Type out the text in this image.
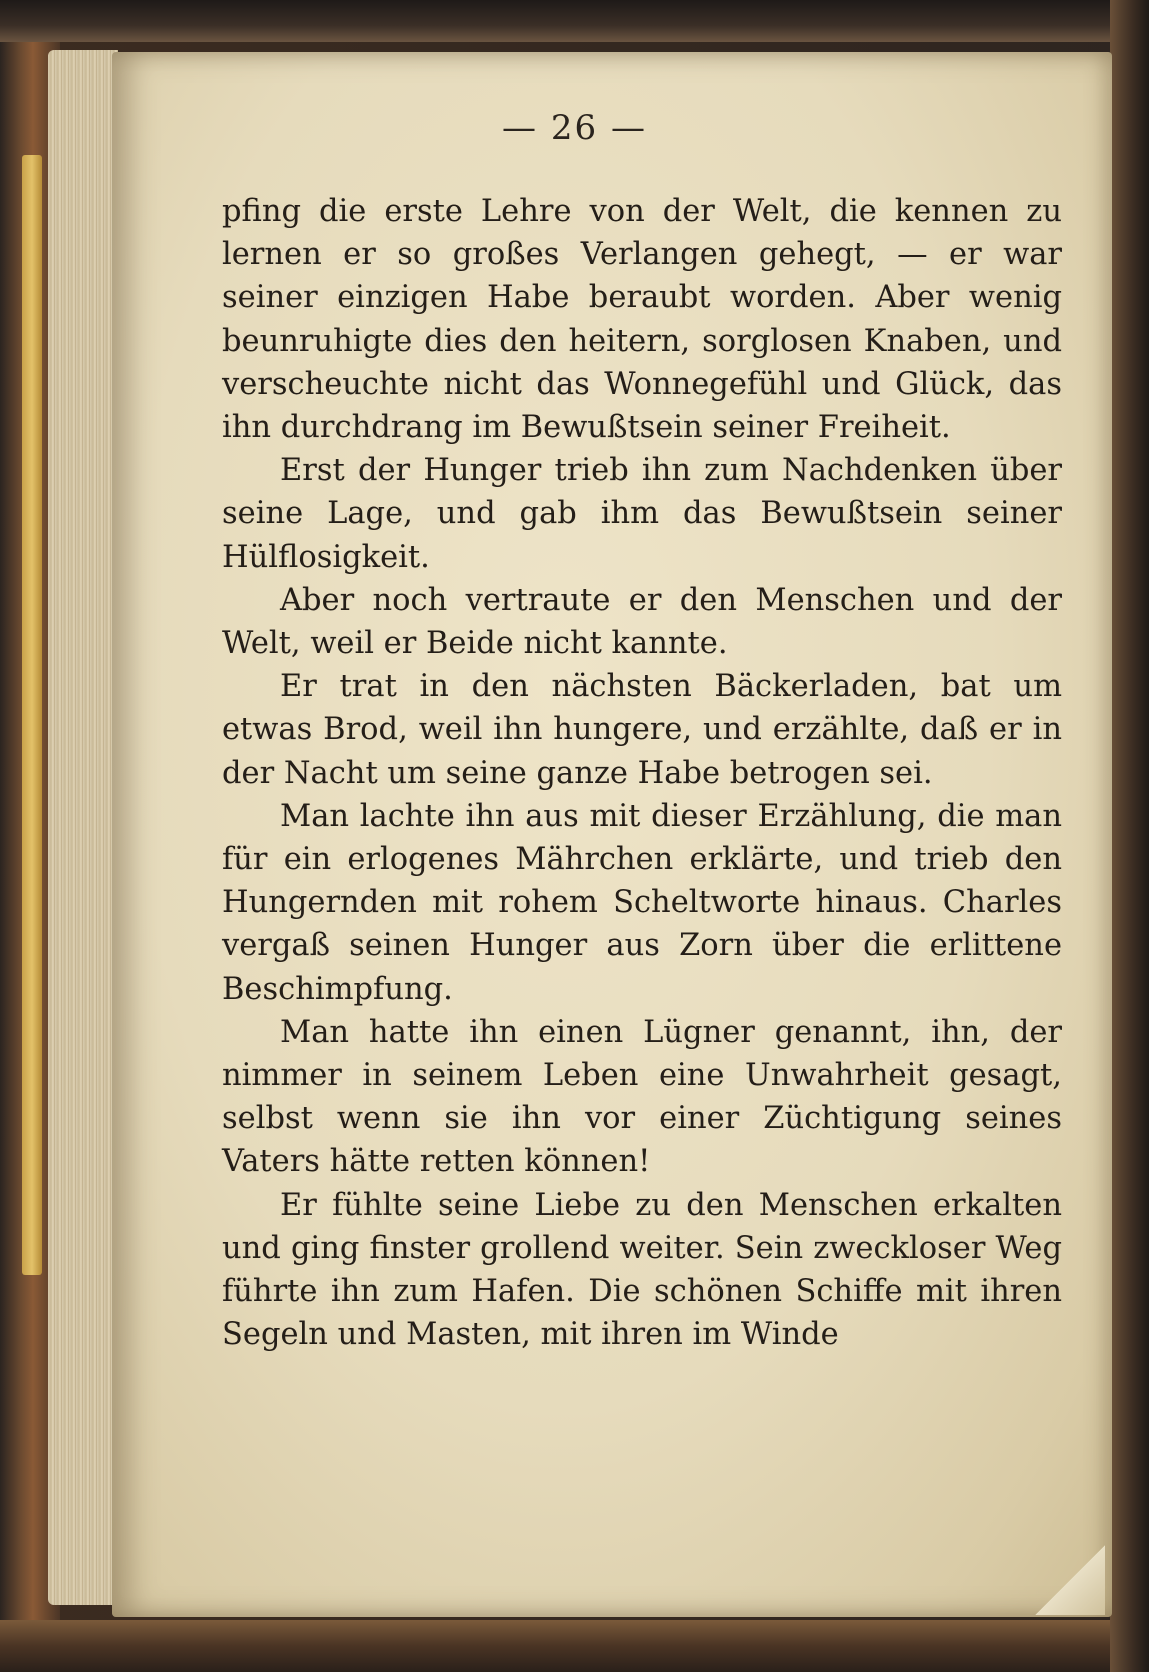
— 26 —

pfing die erste Lehre von der Welt, die kennen zu lernen er so großes Verlangen gehegt, — er war seiner einzigen Habe beraubt worden. Aber wenig beunruhigte dies den heitern, sorglosen Knaben, und verscheuchte nicht das Wonnegefühl und Glück, das ihn durchdrang im Bewußtsein seiner Freiheit.

Erst der Hunger trieb ihn zum Nachdenken über seine Lage, und gab ihm das Bewußtsein seiner Hülflosigkeit.

Aber noch vertraute er den Menschen und der Welt, weil er Beide nicht kannte.

Er trat in den nächsten Bäckerladen, bat um etwas Brod, weil ihn hungere, und erzählte, daß er in der Nacht um seine ganze Habe betrogen sei.

Man lachte ihn aus mit dieser Erzählung, die man für ein erlogenes Mährchen erklärte, und trieb den Hungernden mit rohem Scheltworte hinaus. Charles vergaß seinen Hunger aus Zorn über die erlittene Beschimpfung.

Man hatte ihn einen Lügner genannt, ihn, der nimmer in seinem Leben eine Unwahrheit gesagt, selbst wenn sie ihn vor einer Züchtigung seines Vaters hätte retten können!

Er fühlte seine Liebe zu den Menschen erkalten und ging finster grollend weiter. Sein zweckloser Weg führte ihn zum Hafen. Die schönen Schiffe mit ihren Segeln und Masten, mit ihren im Winde
